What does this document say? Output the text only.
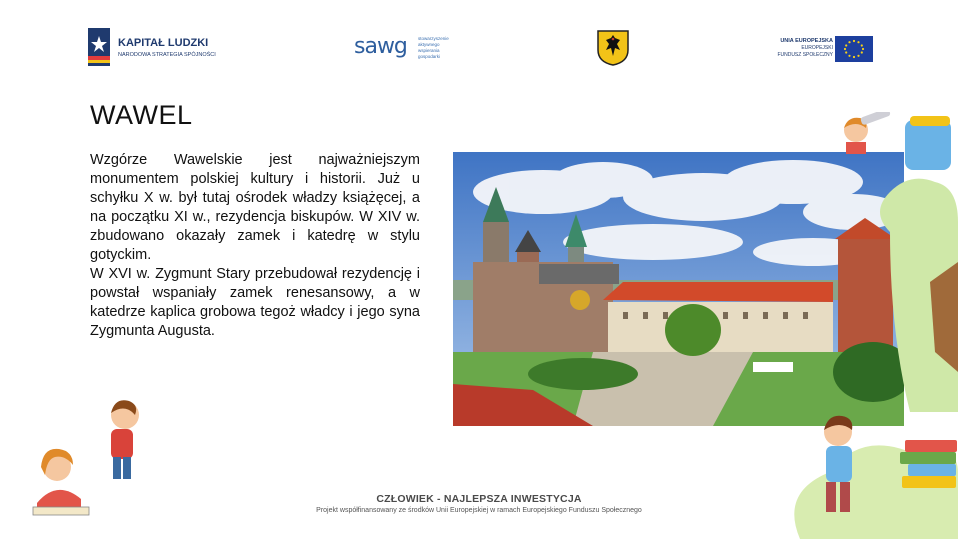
KAPITAŁ LUDZKI
NARODOWA STRATEGIA SPÓJNOŚCI	sawg stowarzyszenie aktywnego wspierania gospodarki
UNIA EUROPEJSKA
EUROPEJSKI
FUNDUSZ SPOŁECZNY
WAWEL

Wzgórze Wawelskie jest najważniejszym monumentem polskiej kultury i historii. Już u schyłku X w. był tutaj ośrodek władzy książęcej, a na początku XI w., rezydencja biskupów. W XIV w. zbudowano okazały zamek i katedrę w stylu gotyckim.

W XVI w. Zygmunt Stary przebudował rezydencję i powstał wspaniały zamek renesansowy, a w katedrze kaplica grobowa tegoż władcy i jego syna Zygmunta Augusta.

CZŁOWIEK - NAJLEPSZA INWESTYCJA
Projekt współfinansowany ze środków Unii Europejskiej w ramach Europejskiego Funduszu Społecznego
